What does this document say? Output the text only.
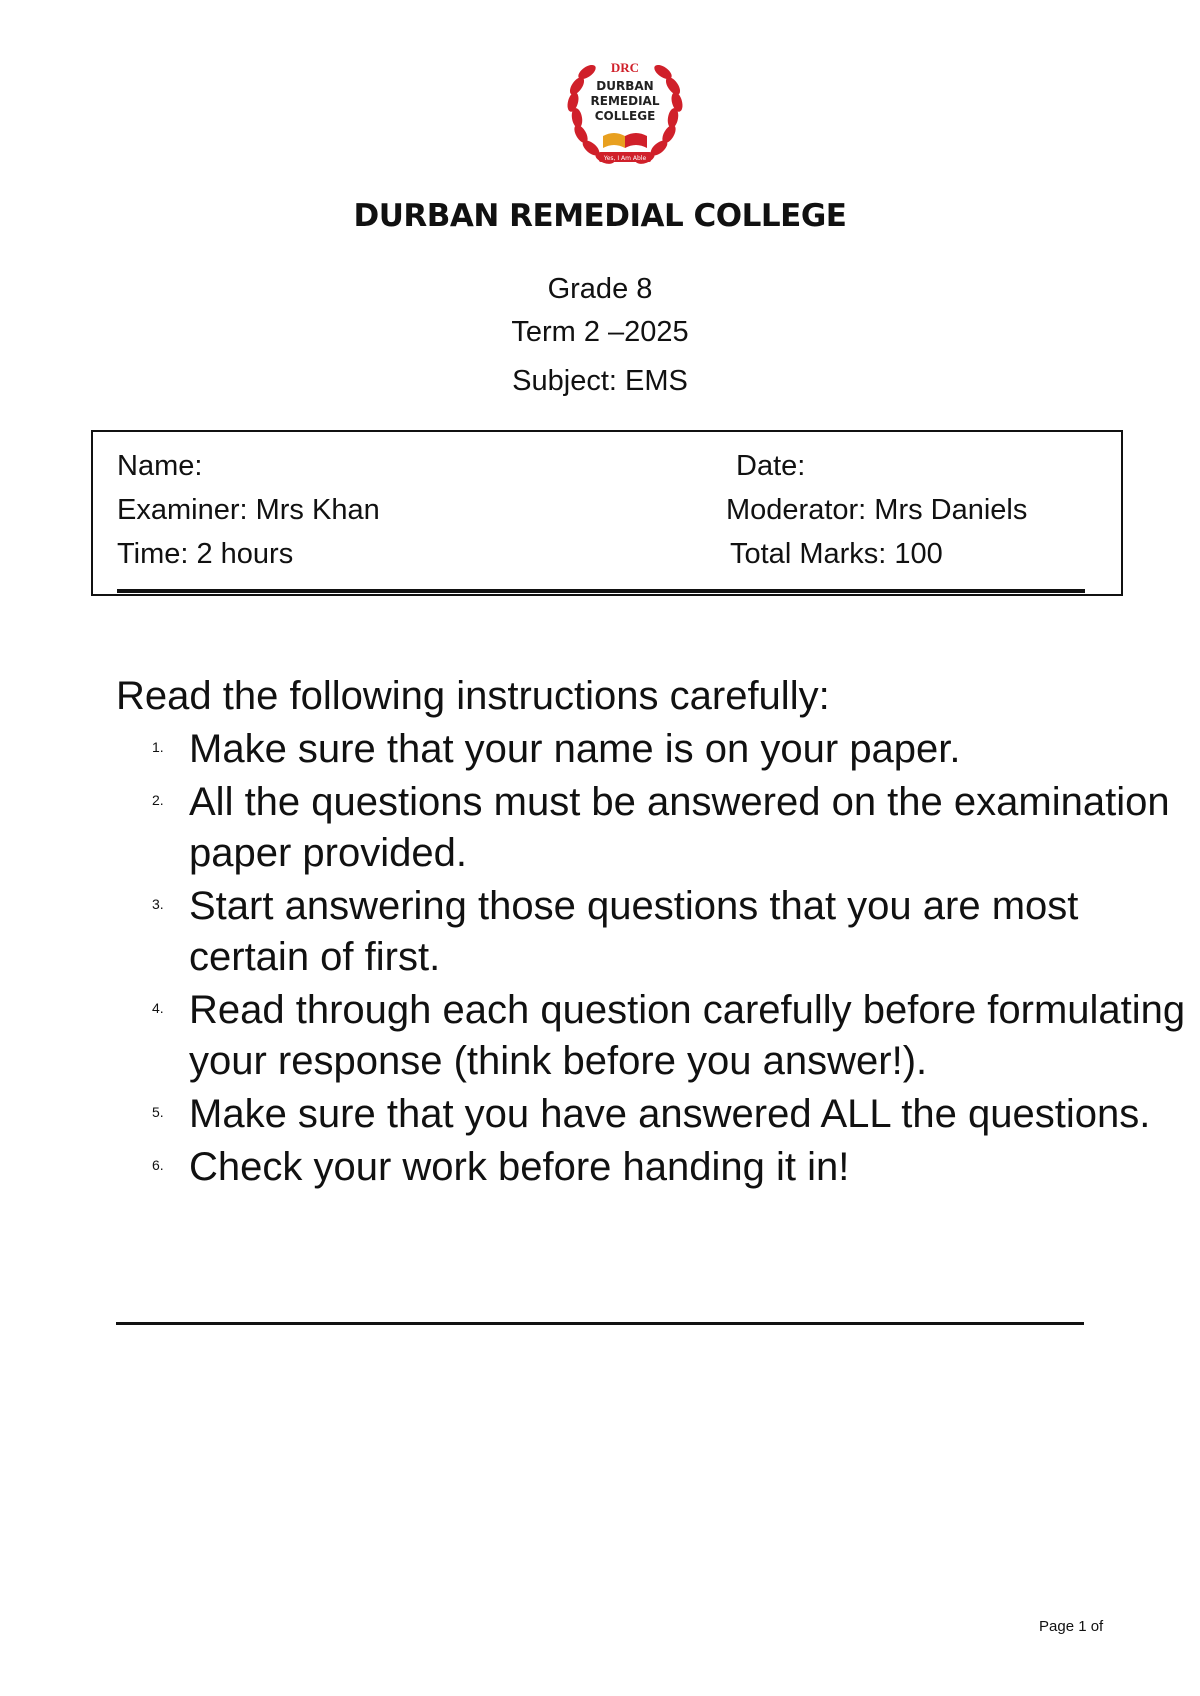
DRC
DURBAN
REMEDIAL
COLLEGE
Yes, I Am Able
DURBAN REMEDIAL COLLEGE
Grade 8
Term 2 –2025
Subject: EMS
Name:	Date:
Examiner: Mrs Khan	Moderator: Mrs Daniels
Time: 2 hours	Total Marks: 100
Read the following instructions carefully:
1. Make sure that your name is on your paper.
2. All the questions must be answered on the examination paper provided.
3. Start answering those questions that you are most certain of first.
4. Read through each question carefully before formulating your response (think before you answer!).
5. Make sure that you have answered ALL the questions.
6. Check your work before handing it in!
Page 1 of
